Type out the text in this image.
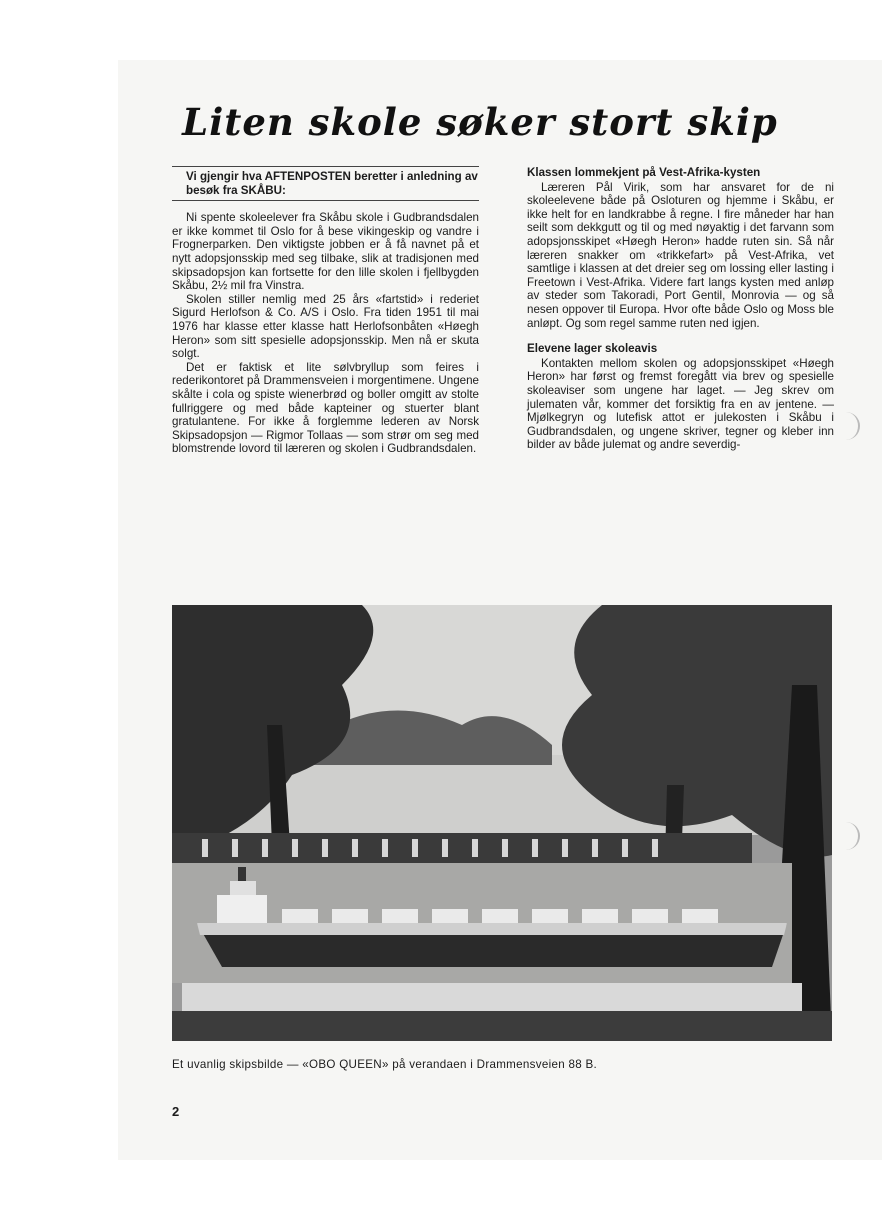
Liten skole søker stort skip
Vi gjengir hva AFTENPOSTEN beretter i anledning av besøk fra SKÅBU:

Ni spente skoleelever fra Skåbu skole i Gudbrandsdalen er ikke kommet til Oslo for å bese vikingeskip og vandre i Frognerparken. Den viktigste jobben er å få navnet på et nytt adopsjonsskip med seg tilbake, slik at tradisjonen med skipsadopsjon kan fortsette for den lille skolen i fjellbygden Skåbu, 2½ mil fra Vinstra.

Skolen stiller nemlig med 25 års «fartstid» i rederiet Sigurd Herlofson & Co. A/S i Oslo. Fra tiden 1951 til mai 1976 har klasse etter klasse hatt Herlofsonbåten «Høegh Heron» som sitt spesielle adopsjonsskip. Men nå er skuta solgt.

Det er faktisk et lite sølvbryllup som feires i rederikontoret på Drammensveien i morgentimene. Ungene skålte i cola og spiste wienerbrød og boller omgitt av stolte fullriggere og med både kapteiner og stuerter blant gratulantene. For ikke å forglemme lederen av Norsk Skipsadopsjon — Rigmor Tollaas — som strør om seg med blomstrende lovord til læreren og skolen i Gudbrandsdalen.

Klassen lommekjent på Vest-Afrika-kysten

Læreren Pål Virik, som har ansvaret for de ni skoleelevene både på Osloturen og hjemme i Skåbu, er ikke helt for en landkrabbe å regne. I fire måneder har han seilt som dekkgutt og til og med nøyaktig i det farvann som adopsjonsskipet «Høegh Heron» hadde ruten sin. Så når læreren snakker om «trikkefart» på Vest-Afrika, vet samtlige i klassen at det dreier seg om lossing eller lasting i Freetown i Vest-Afrika. Videre fart langs kysten med anløp av steder som Takoradi, Port Gentil, Monrovia — og så nesen oppover til Europa. Hvor ofte både Oslo og Moss ble anløpt. Og som regel samme ruten ned igjen.

Elevene lager skoleavis

Kontakten mellom skolen og adopsjonsskipet «Høegh Heron» har først og fremst foregått via brev og spesielle skoleaviser som ungene har laget. — Jeg skrev om julematen vår, kommer det forsiktig fra en av jentene. — Mjølkegryn og lutefisk attot er julekosten i Skåbu i Gudbrandsdalen, og ungene skriver, tegner og kleber inn bilder av både julemat og andre severdig-

Et uvanlig skipsbilde — «OBO QUEEN» på verandaen i Drammensveien 88 B.
2
